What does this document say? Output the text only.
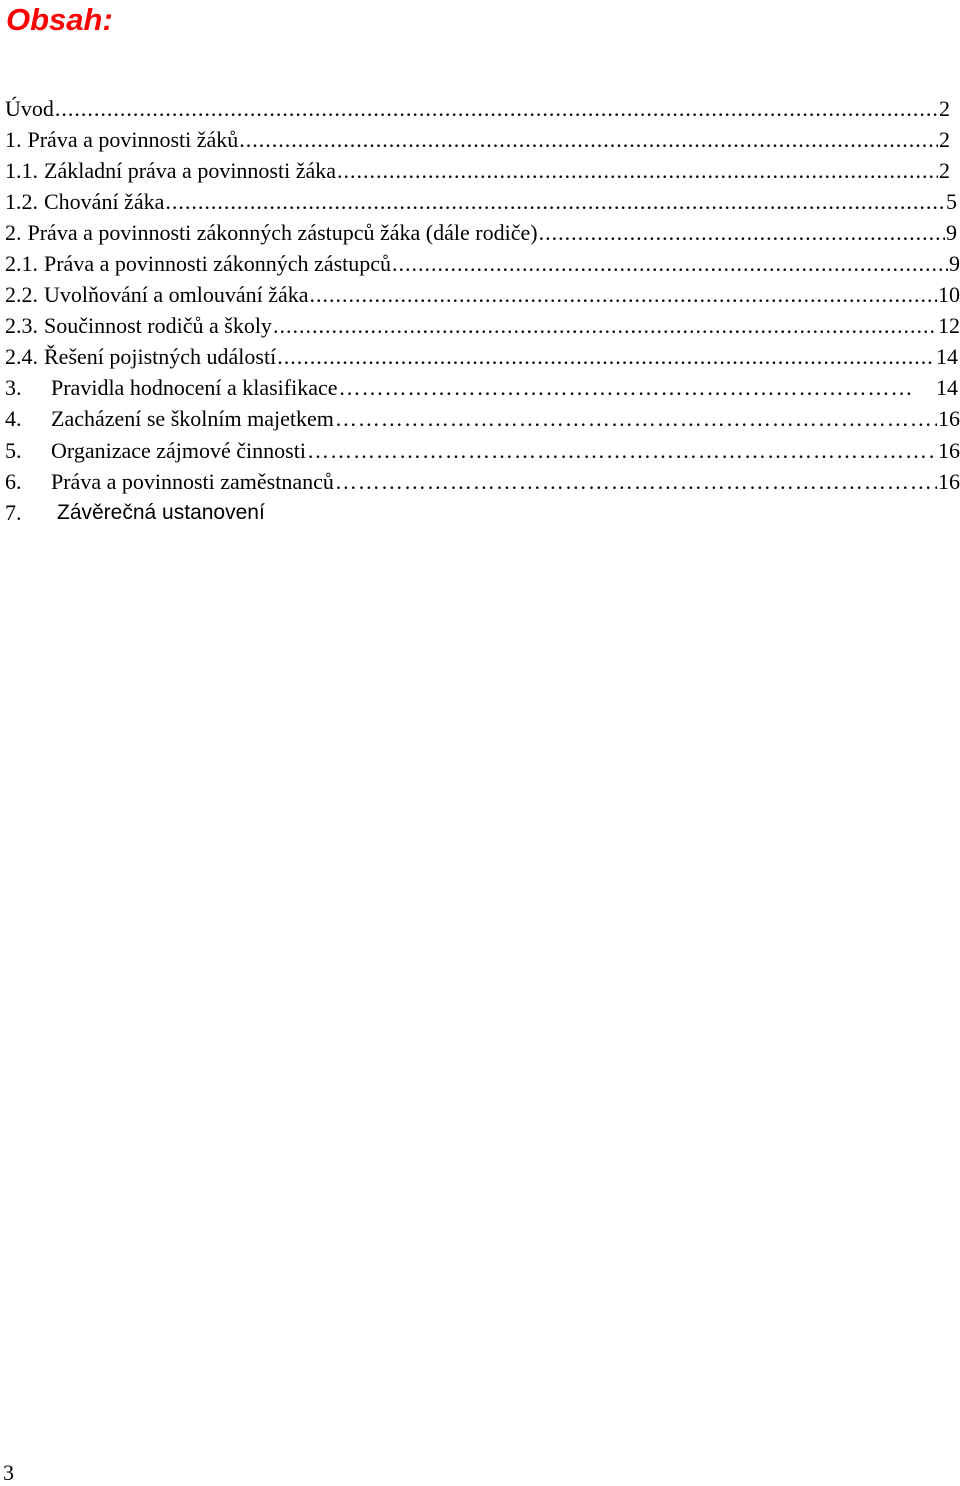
Obsah:
Úvod .....	2
1. Práva a povinnosti žáků .....	2
1.1. Základní práva a povinnosti žáka .....	2
1.2. Chování žáka .....	5
2. Práva a povinnosti zákonných zástupců žáka (dále rodiče) .....	9
2.1. Práva a povinnosti zákonných zástupců .....	9
2.2. Uvolňování a omlouvání žáka .....	10
2.3. Součinnost rodičů a školy .....	12
2.4. Řešení pojistných událostí .....	14
3.	Pravidla hodnocení a klasifikace …………………………………………………………………………………………………………………………	14
4.	Zacházení se školním majetkem …………………………………………………………………………………………………………………………	16
5.	Organizace zájmové činnosti …………………………………………………………………………………………………………………………	16
6.	Práva a povinnosti zaměstnanců …………………………………………………………………………………………………………………………	16
7.	Závěrečná ustanovení
3
